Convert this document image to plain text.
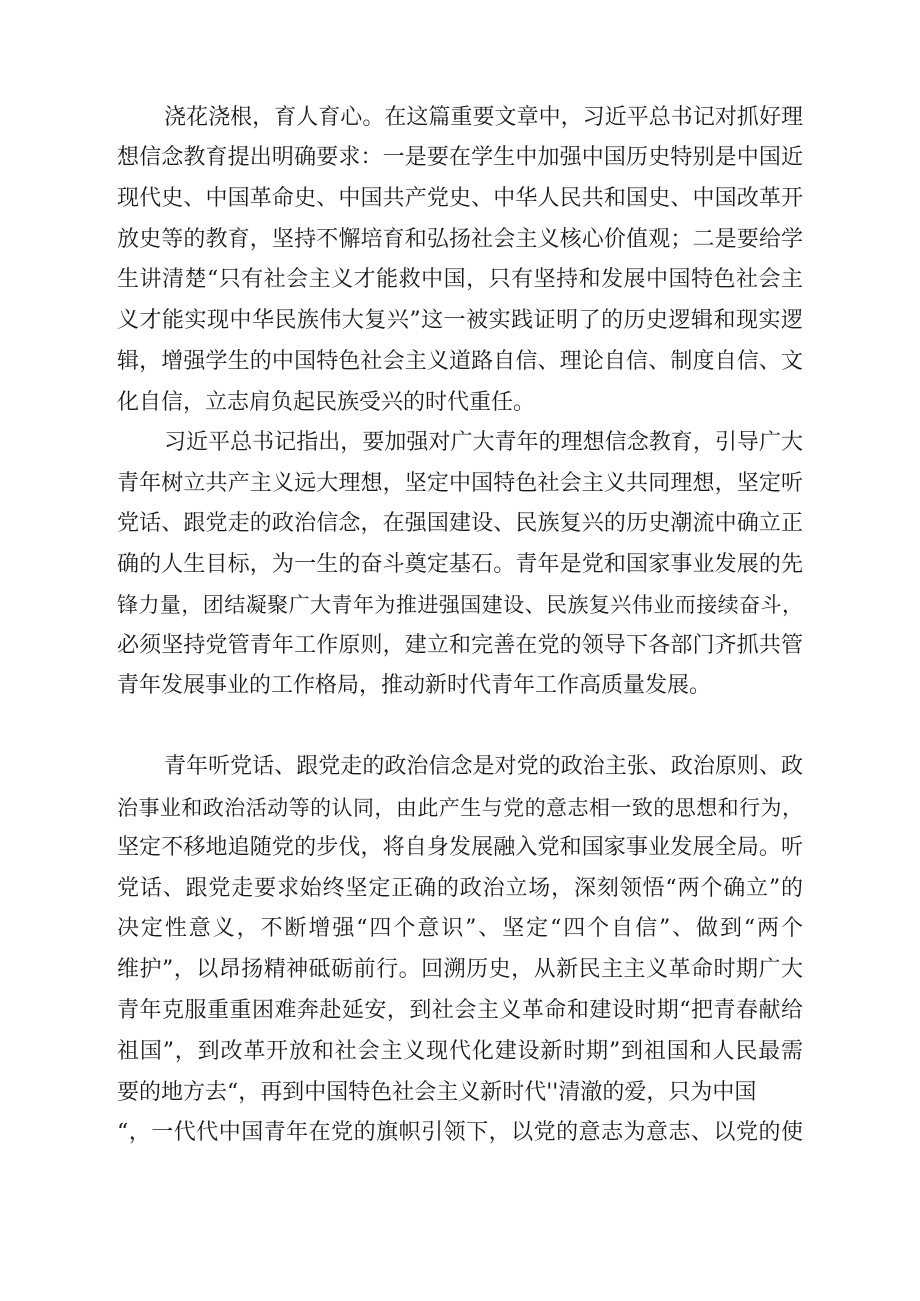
浇花浇根，育人育心。在这篇重要文章中，习近平总书记对抓好理
想信念教育提出明确要求：一是要在学生中加强中国历史特别是中国近
现代史、中国革命史、中国共产党史、中华人民共和国史、中国改革开
放史等的教育，坚持不懈培育和弘扬社会主义核心价值观；二是要给学
生讲清楚“只有社会主义才能救中国，只有坚持和发展中国特色社会主
义才能实现中华民族伟大复兴”这一被实践证明了的历史逻辑和现实逻
辑，增强学生的中国特色社会主义道路自信、理论自信、制度自信、文
化自信，立志肩负起民族受兴的时代重任。
习近平总书记指出，要加强对广大青年的理想信念教育，引导广大
青年树立共产主义远大理想，坚定中国特色社会主义共同理想，坚定听
党话、跟党走的政治信念，在强国建设、民族复兴的历史潮流中确立正
确的人生目标，为一生的奋斗奠定基石。青年是党和国家事业发展的先
锋力量，团结凝聚广大青年为推进强国建设、民族复兴伟业而接续奋斗，
必须坚持党管青年工作原则，建立和完善在党的领导下各部门齐抓共管
青年发展事业的工作格局，推动新时代青年工作高质量发展。
青年听党话、跟党走的政治信念是对党的政治主张、政治原则、政
治事业和政治活动等的认同，由此产生与党的意志相一致的思想和行为，
坚定不移地追随党的步伐，将自身发展融入党和国家事业发展全局。听
党话、跟党走要求始终坚定正确的政治立场，深刻领悟“两个确立”的
决定性意义，不断增强“四个意识”、坚定“四个自信”、做到“两个
维护”，以昂扬精神砥砺前行。回溯历史，从新民主主义革命时期广大
青年克服重重困难奔赴延安，到社会主义革命和建设时期“把青春献给
祖国”，到改革开放和社会主义现代化建设新时期”到祖国和人民最需
要的地方去“，再到中国特色社会主义新时代''清澈的爱，只为中国
“，一代代中国青年在党的旗帜引领下，以党的意志为意志、以党的使
